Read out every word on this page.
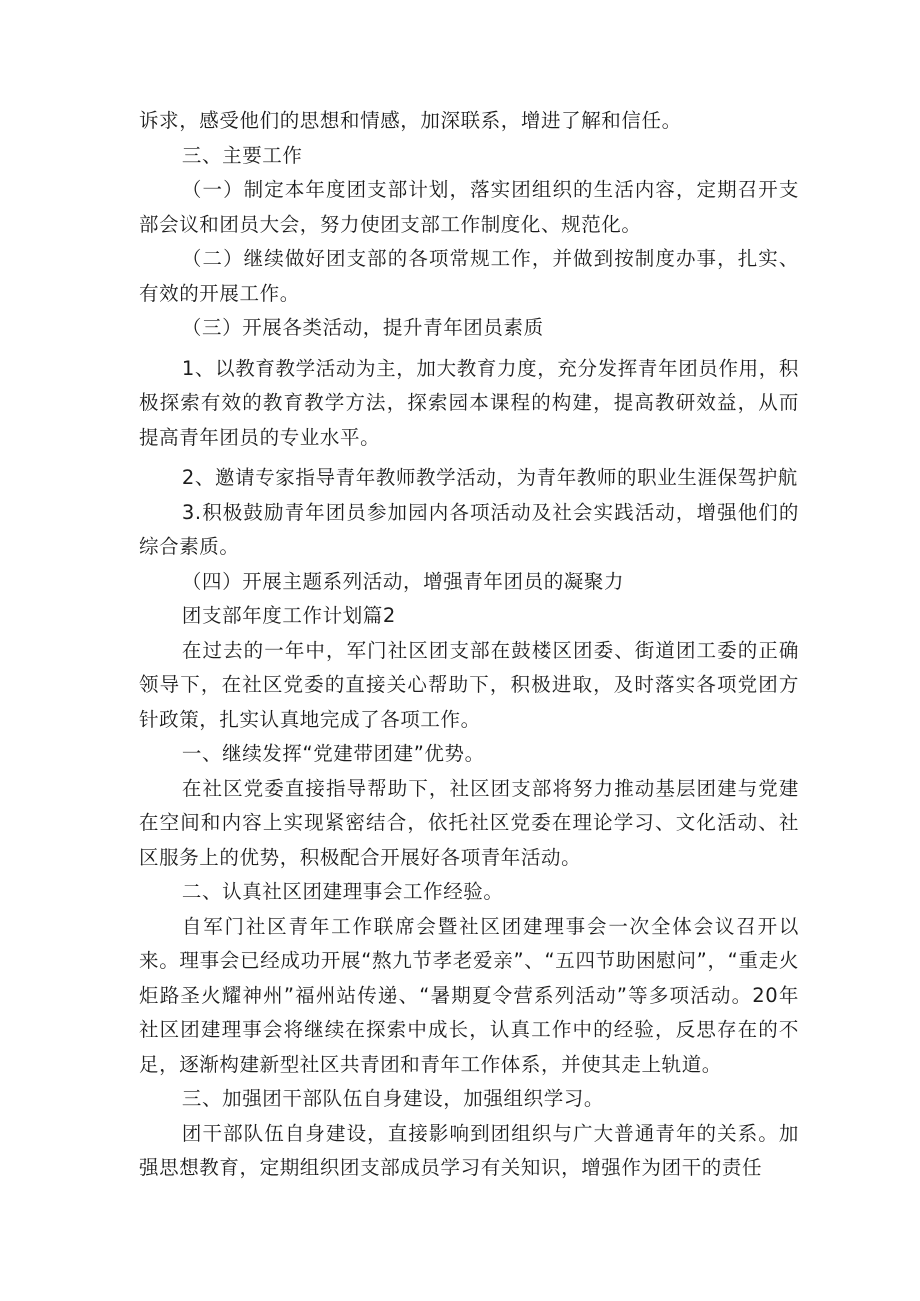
诉求，感受他们的思想和情感，加深联系，增进了解和信任。

三、主要工作

（一）制定本年度团支部计划，落实团组织的生活内容，定期召开支部会议和团员大会，努力使团支部工作制度化、规范化。

（二）继续做好团支部的各项常规工作，并做到按制度办事，扎实、有效的开展工作。

（三）开展各类活动，提升青年团员素质

1、以教育教学活动为主，加大教育力度，充分发挥青年团员作用，积极探索有效的教育教学方法，探索园本课程的构建，提高教研效益，从而提高青年团员的专业水平。

2、邀请专家指导青年教师教学活动，为青年教师的职业生涯保驾护航

3.积极鼓励青年团员参加园内各项活动及社会实践活动，增强他们的综合素质。

（四）开展主题系列活动，增强青年团员的凝聚力

团支部年度工作计划篇2

在过去的一年中，军门社区团支部在鼓楼区团委、街道团工委的正确领导下，在社区党委的直接关心帮助下，积极进取，及时落实各项党团方针政策，扎实认真地完成了各项工作。

一、继续发挥“党建带团建”优势。

在社区党委直接指导帮助下，社区团支部将努力推动基层团建与党建在空间和内容上实现紧密结合，依托社区党委在理论学习、文化活动、社区服务上的优势，积极配合开展好各项青年活动。

二、认真社区团建理事会工作经验。

自军门社区青年工作联席会暨社区团建理事会一次全体会议召开以来。理事会已经成功开展“熬九节孝老爱亲”、“五四节助困慰问”，“重走火炬路圣火耀神州”福州站传递、“暑期夏令营系列活动”等多项活动。20年社区团建理事会将继续在探索中成长，认真工作中的经验，反思存在的不足，逐渐构建新型社区共青团和青年工作体系，并使其走上轨道。

三、加强团干部队伍自身建设，加强组织学习。

团干部队伍自身建设，直接影响到团组织与广大普通青年的关系。加强思想教育，定期组织团支部成员学习有关知识，增强作为团干的责任
